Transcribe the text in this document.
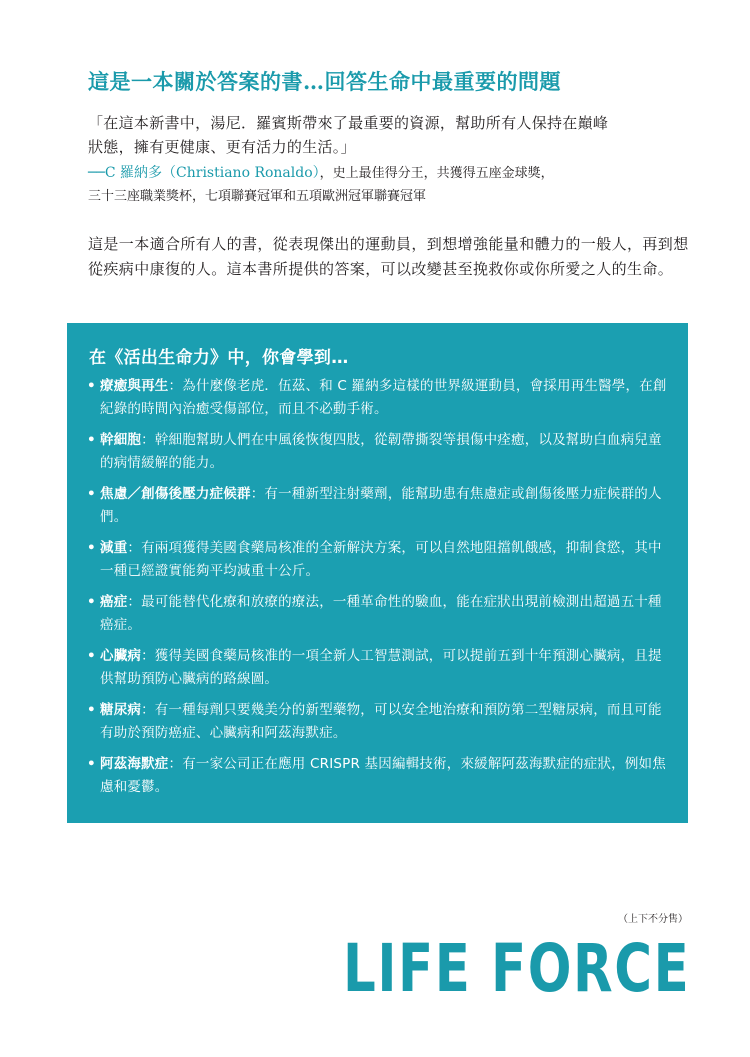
這是一本關於答案的書…回答生命中最重要的問題

「在這本新書中，湯尼．羅賓斯帶來了最重要的資源，幫助所有人保持在巔峰

狀態，擁有更健康、更有活力的生活。」

──C 羅納多（Christiano Ronaldo），史上最佳得分王，共獲得五座金球獎，
三十三座職業獎杯，七項聯賽冠軍和五項歐洲冠軍聯賽冠軍
這是一本適合所有人的書，從表現傑出的運動員，到想增強能量和體力的一般人，再到想從疾病中康復的人。這本書所提供的答案，可以改變甚至挽救你或你所愛之人的生命。
在《活出生命力》中，你會學到…
• 療癒與再生：為什麼像老虎．伍茲、和 C 羅納多這樣的世界級運動員，會採用再生醫學，在創紀錄的時間內治癒受傷部位，而且不必動手術。
• 幹細胞：幹細胞幫助人們在中風後恢復四肢，從韌帶撕裂等損傷中痊癒，以及幫助白血病兒童的病情緩解的能力。
• 焦慮／創傷後壓力症候群：有一種新型注射藥劑，能幫助患有焦慮症或創傷後壓力症候群的人們。
• 減重：有兩項獲得美國食藥局核准的全新解決方案，可以自然地阻擋飢餓感，抑制食慾，其中一種已經證實能夠平均減重十公斤。
• 癌症：最可能替代化療和放療的療法，一種革命性的驗血，能在症狀出現前檢測出超過五十種癌症。
• 心臟病：獲得美國食藥局核准的一項全新人工智慧測試，可以提前五到十年預測心臟病，且提供幫助預防心臟病的路線圖。
• 糖尿病：有一種每劑只要幾美分的新型藥物，可以安全地治療和預防第二型糖尿病，而且可能有助於預防癌症、心臟病和阿茲海默症。
• 阿茲海默症：有一家公司正在應用 CRISPR 基因編輯技術，來緩解阿茲海默症的症狀，例如焦慮和憂鬱。
（上下不分售）
LIFE FORCE
